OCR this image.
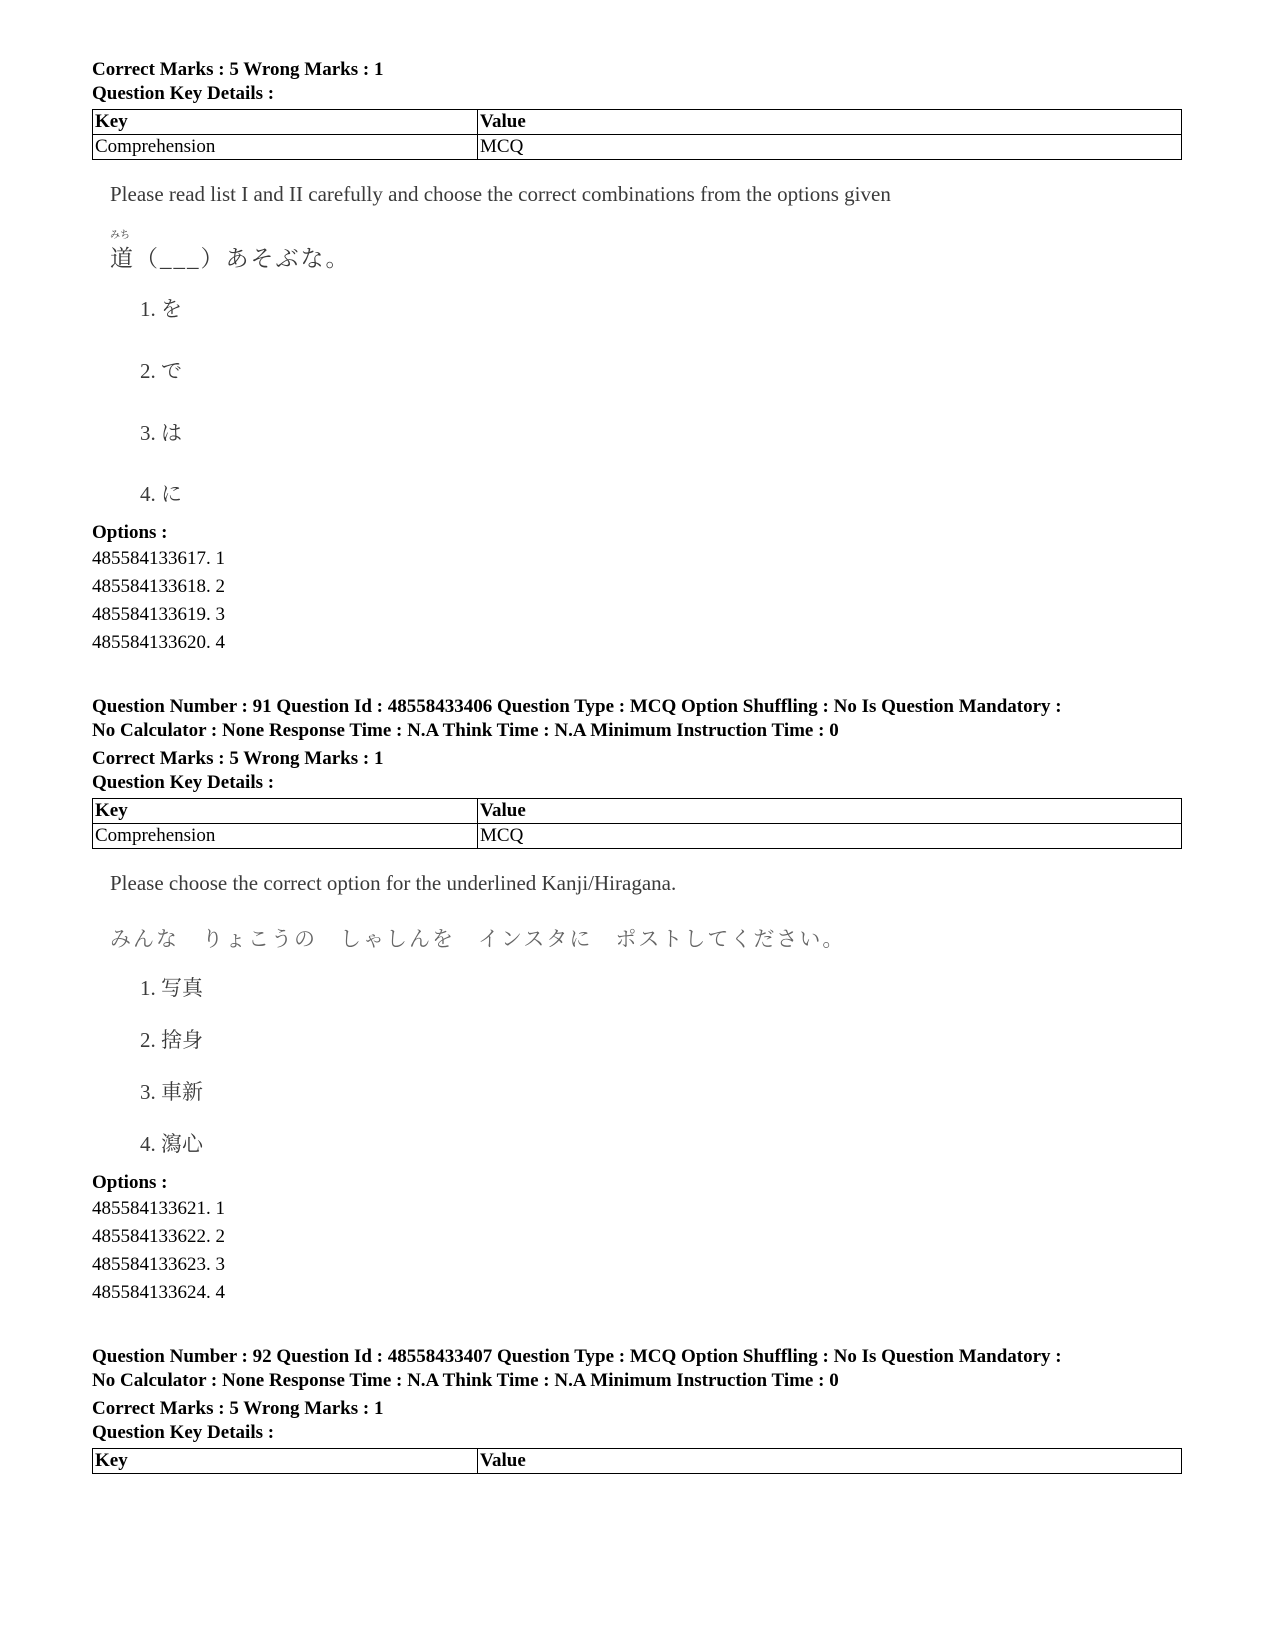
Correct Marks : 5 Wrong Marks : 1
Question Key Details :
Key	Value
Comprehension	MCQ
Please read list I and II carefully and choose the correct combinations from the options given
みち
道（___）あそぶな。
1. を
2. で
3. は
4. に
Options :
485584133617. 1
485584133618. 2
485584133619. 3
485584133620. 4
Question Number : 91 Question Id : 48558433406 Question Type : MCQ Option Shuffling : No Is Question Mandatory :
No Calculator : None Response Time : N.A Think Time : N.A Minimum Instruction Time : 0
Correct Marks : 5 Wrong Marks : 1
Question Key Details :
Key	Value
Comprehension	MCQ
Please choose the correct option for the underlined Kanji/Hiragana.
みんな　りょこうの　しゃしんを　インスタに　ポストしてください。
1. 写真
2. 捨身
3. 車新
4. 瀉心
Options :
485584133621. 1
485584133622. 2
485584133623. 3
485584133624. 4
Question Number : 92 Question Id : 48558433407 Question Type : MCQ Option Shuffling : No Is Question Mandatory :
No Calculator : None Response Time : N.A Think Time : N.A Minimum Instruction Time : 0
Correct Marks : 5 Wrong Marks : 1
Question Key Details :
Key	Value
